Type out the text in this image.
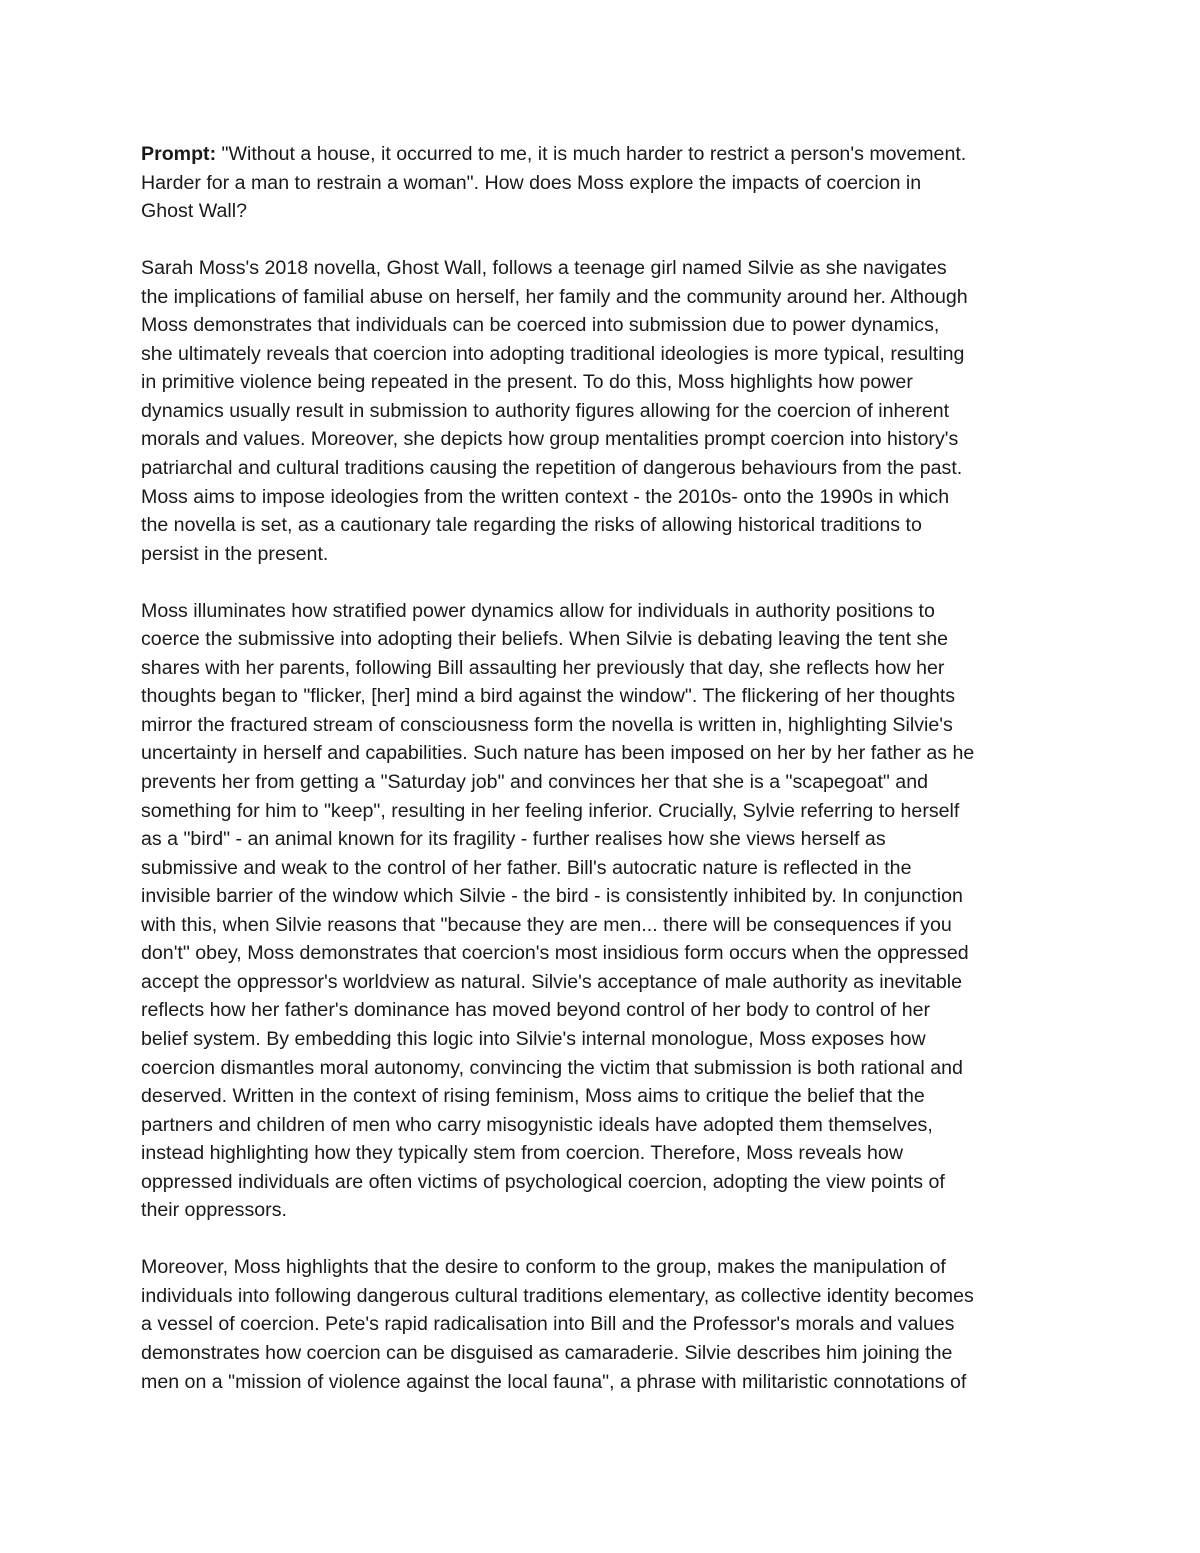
Prompt: "Without a house, it occurred to me, it is much harder to restrict a person's movement.
Harder for a man to restrain a woman". How does Moss explore the impacts of coercion in
Ghost Wall?
Sarah Moss's 2018 novella, Ghost Wall, follows a teenage girl named Silvie as she navigates
the implications of familial abuse on herself, her family and the community around her. Although
Moss demonstrates that individuals can be coerced into submission due to power dynamics,
she ultimately reveals that coercion into adopting traditional ideologies is more typical, resulting
in primitive violence being repeated in the present. To do this, Moss highlights how power
dynamics usually result in submission to authority figures allowing for the coercion of inherent
morals and values. Moreover, she depicts how group mentalities prompt coercion into history's
patriarchal and cultural traditions causing the repetition of dangerous behaviours from the past.
Moss aims to impose ideologies from the written context - the 2010s- onto the 1990s in which
the novella is set, as a cautionary tale regarding the risks of allowing historical traditions to
persist in the present.
Moss illuminates how stratified power dynamics allow for individuals in authority positions to
coerce the submissive into adopting their beliefs. When Silvie is debating leaving the tent she
shares with her parents, following Bill assaulting her previously that day, she reflects how her
thoughts began to "flicker, [her] mind a bird against the window". The flickering of her thoughts
mirror the fractured stream of consciousness form the novella is written in, highlighting Silvie's
uncertainty in herself and capabilities. Such nature has been imposed on her by her father as he
prevents her from getting a "Saturday job" and convinces her that she is a "scapegoat" and
something for him to "keep", resulting in her feeling inferior. Crucially, Sylvie referring to herself
as a "bird" - an animal known for its fragility - further realises how she views herself as
submissive and weak to the control of her father. Bill's autocratic nature is reflected in the
invisible barrier of the window which Silvie - the bird - is consistently inhibited by. In conjunction
with this, when Silvie reasons that "because they are men... there will be consequences if you
don't" obey, Moss demonstrates that coercion's most insidious form occurs when the oppressed
accept the oppressor's worldview as natural. Silvie's acceptance of male authority as inevitable
reflects how her father's dominance has moved beyond control of her body to control of her
belief system. By embedding this logic into Silvie's internal monologue, Moss exposes how
coercion dismantles moral autonomy, convincing the victim that submission is both rational and
deserved. Written in the context of rising feminism, Moss aims to critique the belief that the
partners and children of men who carry misogynistic ideals have adopted them themselves,
instead highlighting how they typically stem from coercion. Therefore, Moss reveals how
oppressed individuals are often victims of psychological coercion, adopting the view points of
their oppressors.
Moreover, Moss highlights that the desire to conform to the group, makes the manipulation of
individuals into following dangerous cultural traditions elementary, as collective identity becomes
a vessel of coercion. Pete's rapid radicalisation into Bill and the Professor's morals and values
demonstrates how coercion can be disguised as camaraderie. Silvie describes him joining the
men on a "mission of violence against the local fauna", a phrase with militaristic connotations of
